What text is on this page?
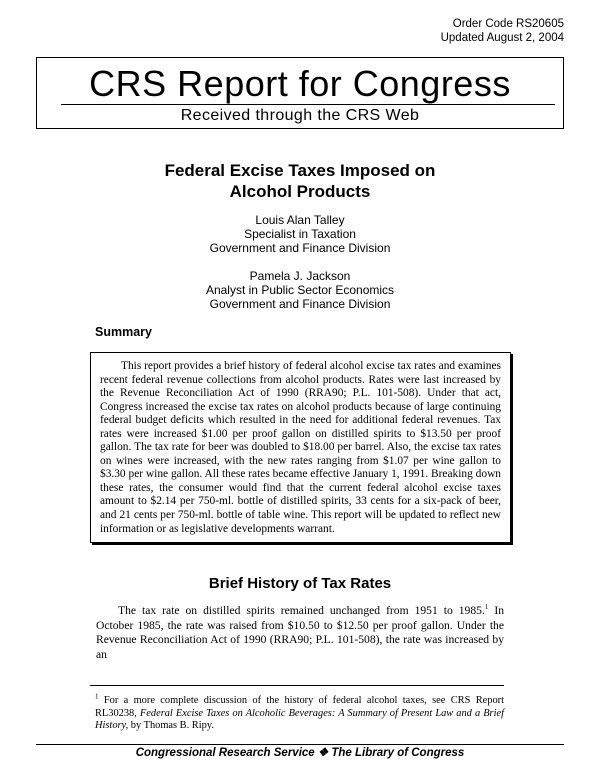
Order Code RS20605
Updated August 2, 2004
CRS Report for Congress
Received through the CRS Web
Federal Excise Taxes Imposed on
Alcohol Products
Louis Alan Talley
Specialist in Taxation
Government and Finance Division
Pamela J. Jackson
Analyst in Public Sector Economics
Government and Finance Division
Summary

This report provides a brief history of federal alcohol excise tax rates and examines recent federal revenue collections from alcohol products. Rates were last increased by the Revenue Reconciliation Act of 1990 (RRA90; P.L. 101-508). Under that act, Congress increased the excise tax rates on alcohol products because of large continuing federal budget deficits which resulted in the need for additional federal revenues. Tax rates were increased $1.00 per proof gallon on distilled spirits to $13.50 per proof gallon. The tax rate for beer was doubled to $18.00 per barrel. Also, the excise tax rates on wines were increased, with the new rates ranging from $1.07 per wine gallon to $3.30 per wine gallon. All these rates became effective January 1, 1991. Breaking down these rates, the consumer would find that the current federal alcohol excise taxes amount to $2.14 per 750-ml. bottle of distilled spirits, 33 cents for a six-pack of beer, and 21 cents per 750-ml. bottle of table wine. This report will be updated to reflect new information or as legislative developments warrant.

Brief History of Tax Rates

The tax rate on distilled spirits remained unchanged from 1951 to 1985.$^1$ In October 1985, the rate was raised from $10.50 to $12.50 per proof gallon. Under the Revenue Reconciliation Act of 1990 (RRA90; P.L. 101-508), the rate was increased by an

$^1$ For a more complete discussion of the history of federal alcohol taxes, see CRS Report RL30238, Federal Excise Taxes on Alcoholic Beverages: A Summary of Present Law and a Brief History, by Thomas B. Ripy.

Congressional Research Service ❖ The Library of Congress
